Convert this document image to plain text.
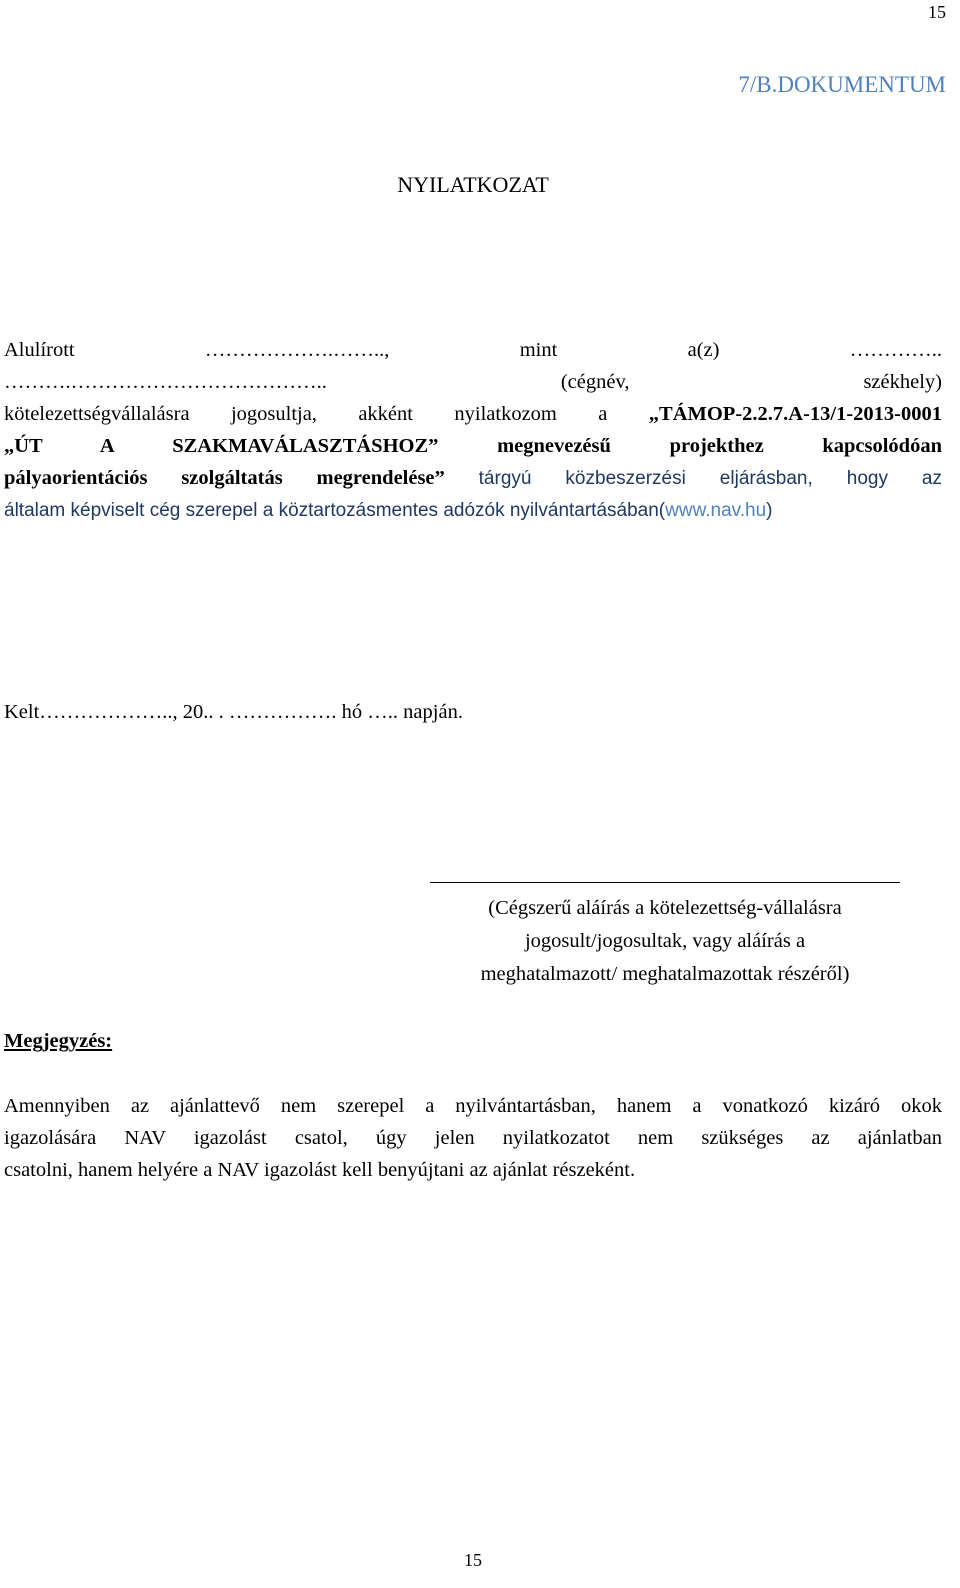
15
7/B.DOKUMENTUM
NYILATKOZAT
Alulírott	……………….……..,	mint	a(z)	…………..
……….………………………………..	(cégnév,	székhely)
kötelezettségvállalásra jogosultja, akként nyilatkozom a „TÁMOP-2.2.7.A-13/1-2013-0001
„ÚT A SZAKMAVÁLASZTÁSHOZ”	megnevezésű projekthez kapcsolódóan
pályaorientációs szolgáltatás megrendelése” tárgyú közbeszerzési eljárásban, hogy az
általam képviselt cég szerepel a köztartozásmentes adózók nyilvántartásában(www.nav.hu)
Kelt……………….., 20.. . ……………. hó ….. napján.
(Cégszerű aláírás a kötelezettség-vállalásra
jogosult/jogosultak, vagy aláírás a
meghatalmazott/ meghatalmazottak részéről)
Megjegyzés:
Amennyiben az ajánlattevő nem szerepel a nyilvántartásban, hanem a vonatkozó kizáró okok
igazolására NAV igazolást csatol, úgy jelen nyilatkozatot nem szükséges az ajánlatban
csatolni, hanem helyére a NAV igazolást kell benyújtani az ajánlat részeként.
15
